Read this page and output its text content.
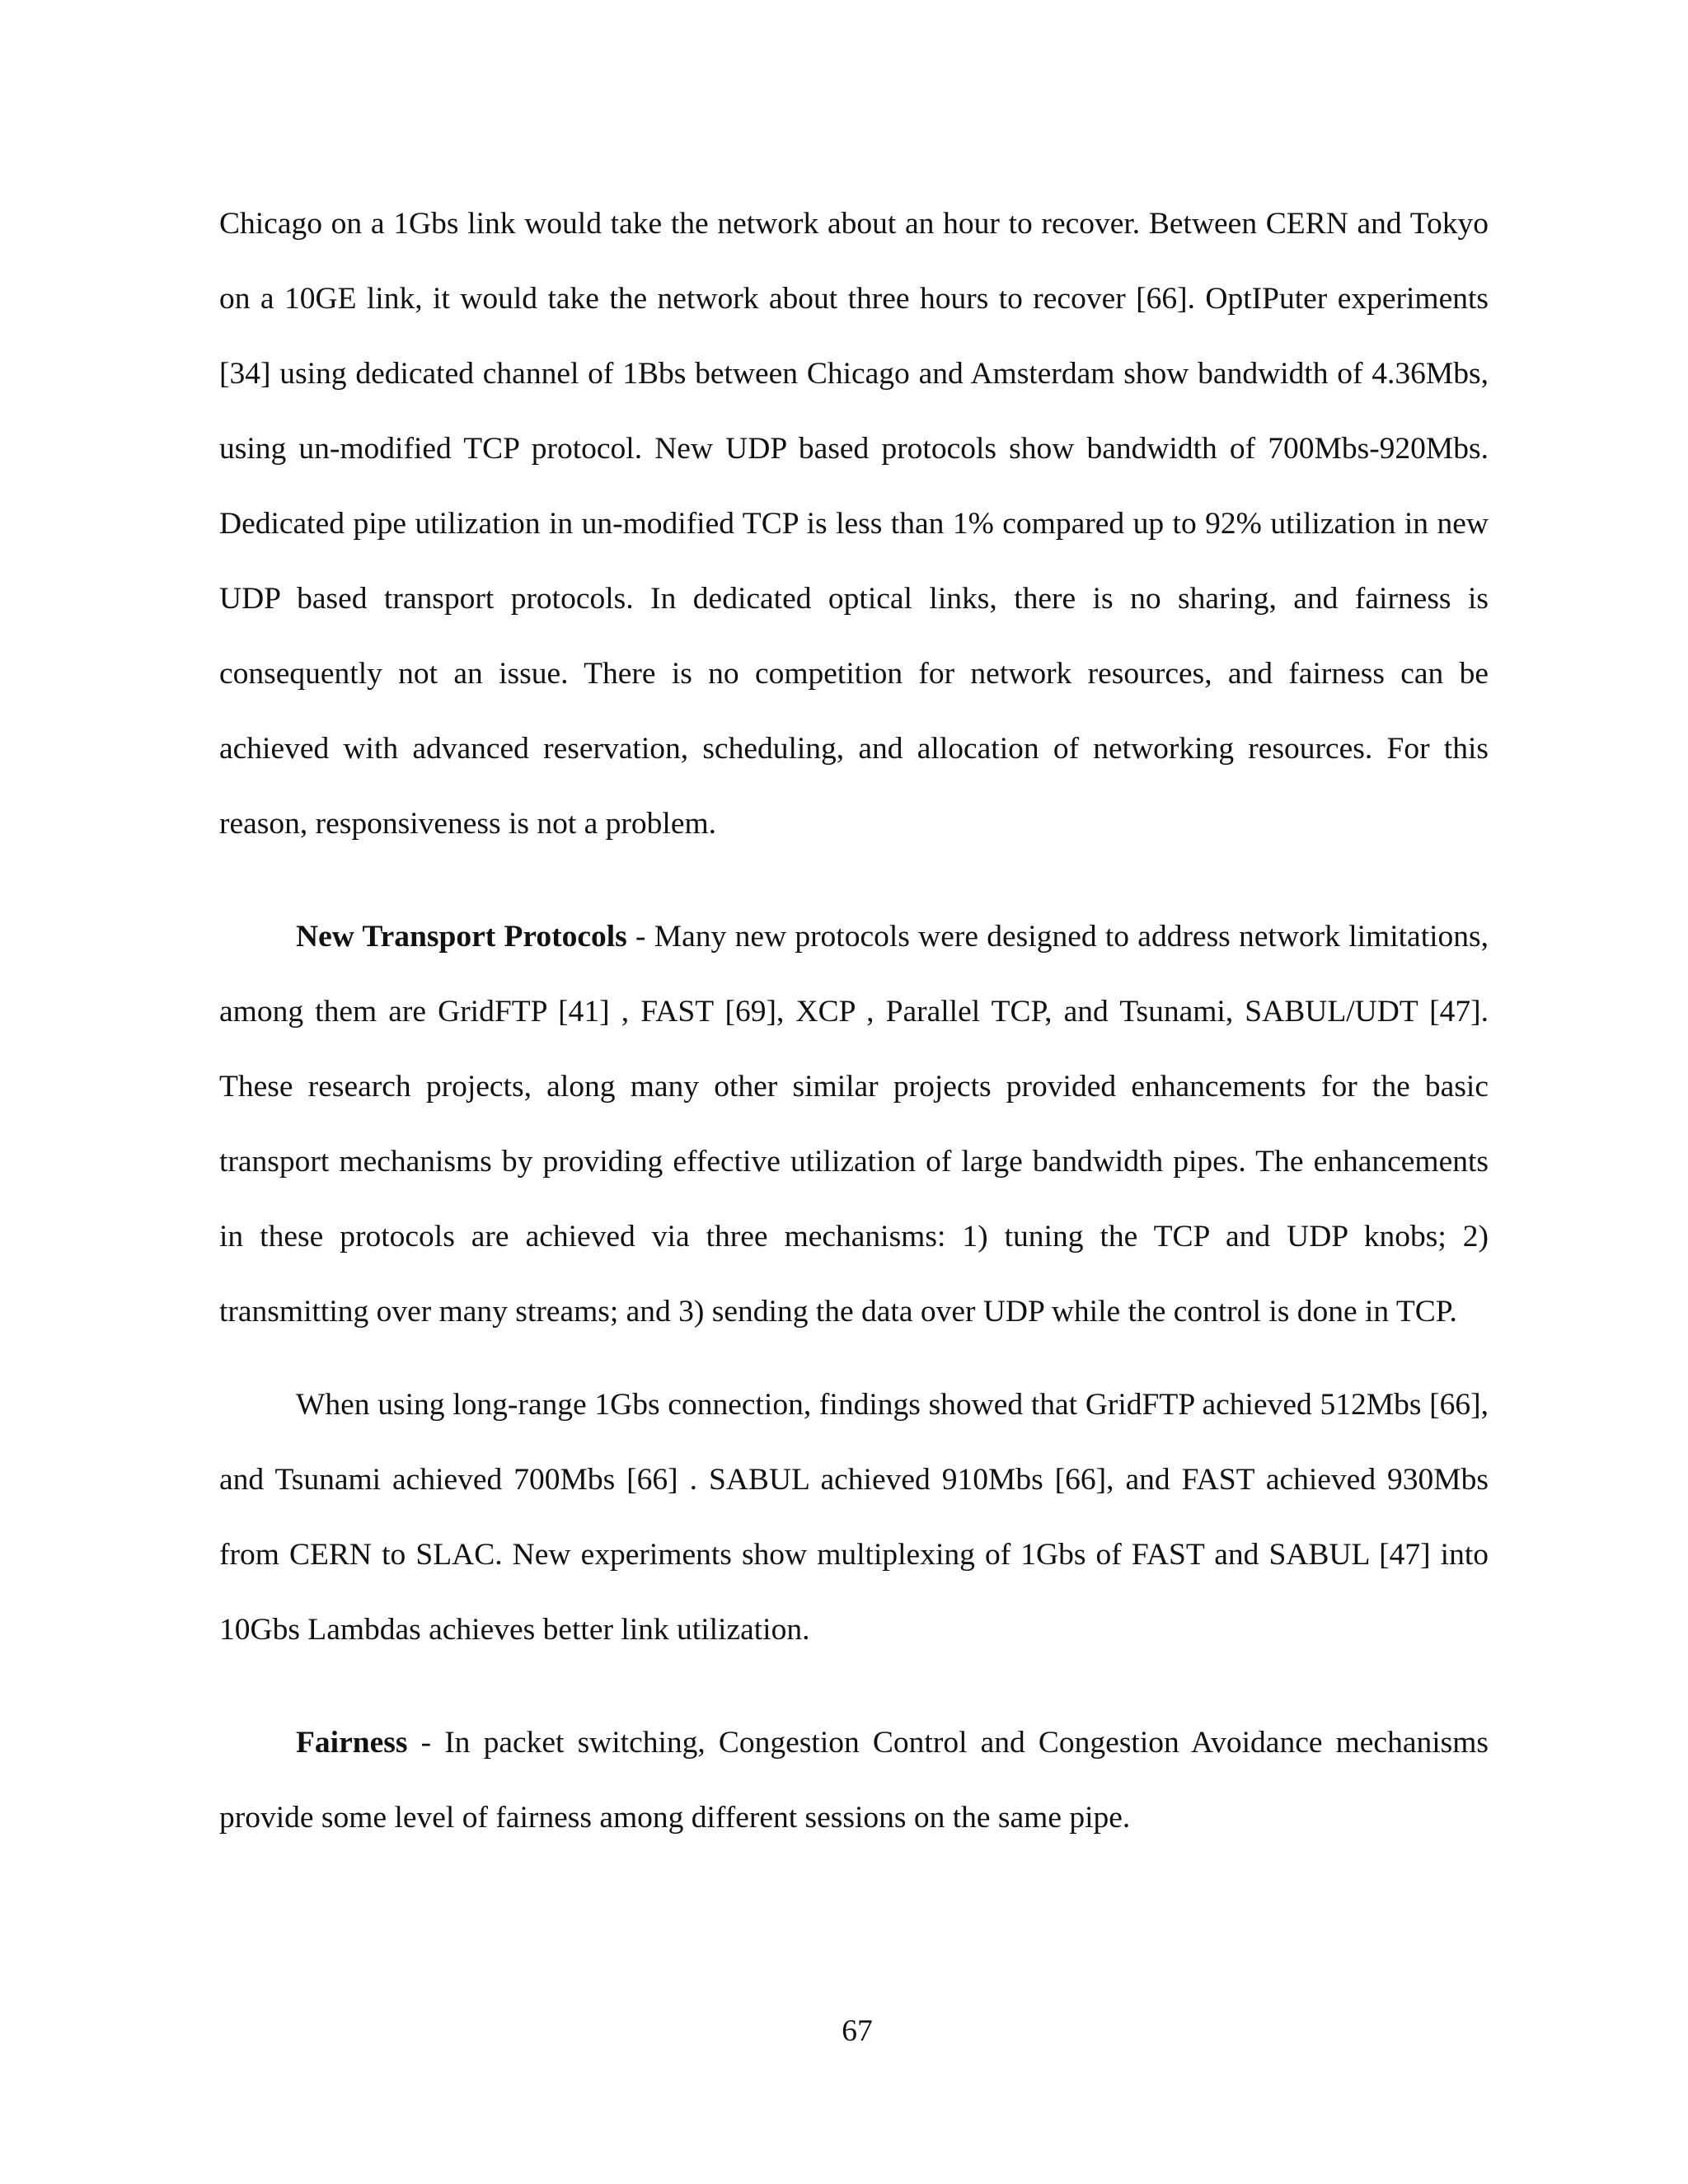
Chicago on a 1Gbs link would take the network about an hour to recover. Between CERN and Tokyo on a 10GE link, it would take the network about three hours to recover [66]. OptIPuter experiments [34] using dedicated channel of 1Bbs between Chicago and Amsterdam show bandwidth of 4.36Mbs, using un-modified TCP protocol. New UDP based protocols show bandwidth of 700Mbs-920Mbs. Dedicated pipe utilization in un-modified TCP is less than 1% compared up to 92% utilization in new UDP based transport protocols. In dedicated optical links, there is no sharing, and fairness is consequently not an issue. There is no competition for network resources, and fairness can be achieved with advanced reservation, scheduling, and allocation of networking resources. For this reason, responsiveness is not a problem.

New Transport Protocols - Many new protocols were designed to address network limitations, among them are GridFTP [41] , FAST [69], XCP , Parallel TCP, and Tsunami, SABUL/UDT [47]. These research projects, along many other similar projects provided enhancements for the basic transport mechanisms by providing effective utilization of large bandwidth pipes. The enhancements in these protocols are achieved via three mechanisms: 1) tuning the TCP and UDP knobs; 2) transmitting over many streams; and 3) sending the data over UDP while the control is done in TCP.

When using long-range 1Gbs connection, findings showed that GridFTP achieved 512Mbs [66], and Tsunami achieved 700Mbs [66] . SABUL achieved 910Mbs [66], and FAST achieved 930Mbs from CERN to SLAC. New experiments show multiplexing of 1Gbs of FAST and SABUL [47] into 10Gbs Lambdas achieves better link utilization.

Fairness - In packet switching, Congestion Control and Congestion Avoidance mechanisms provide some level of fairness among different sessions on the same pipe.

67
